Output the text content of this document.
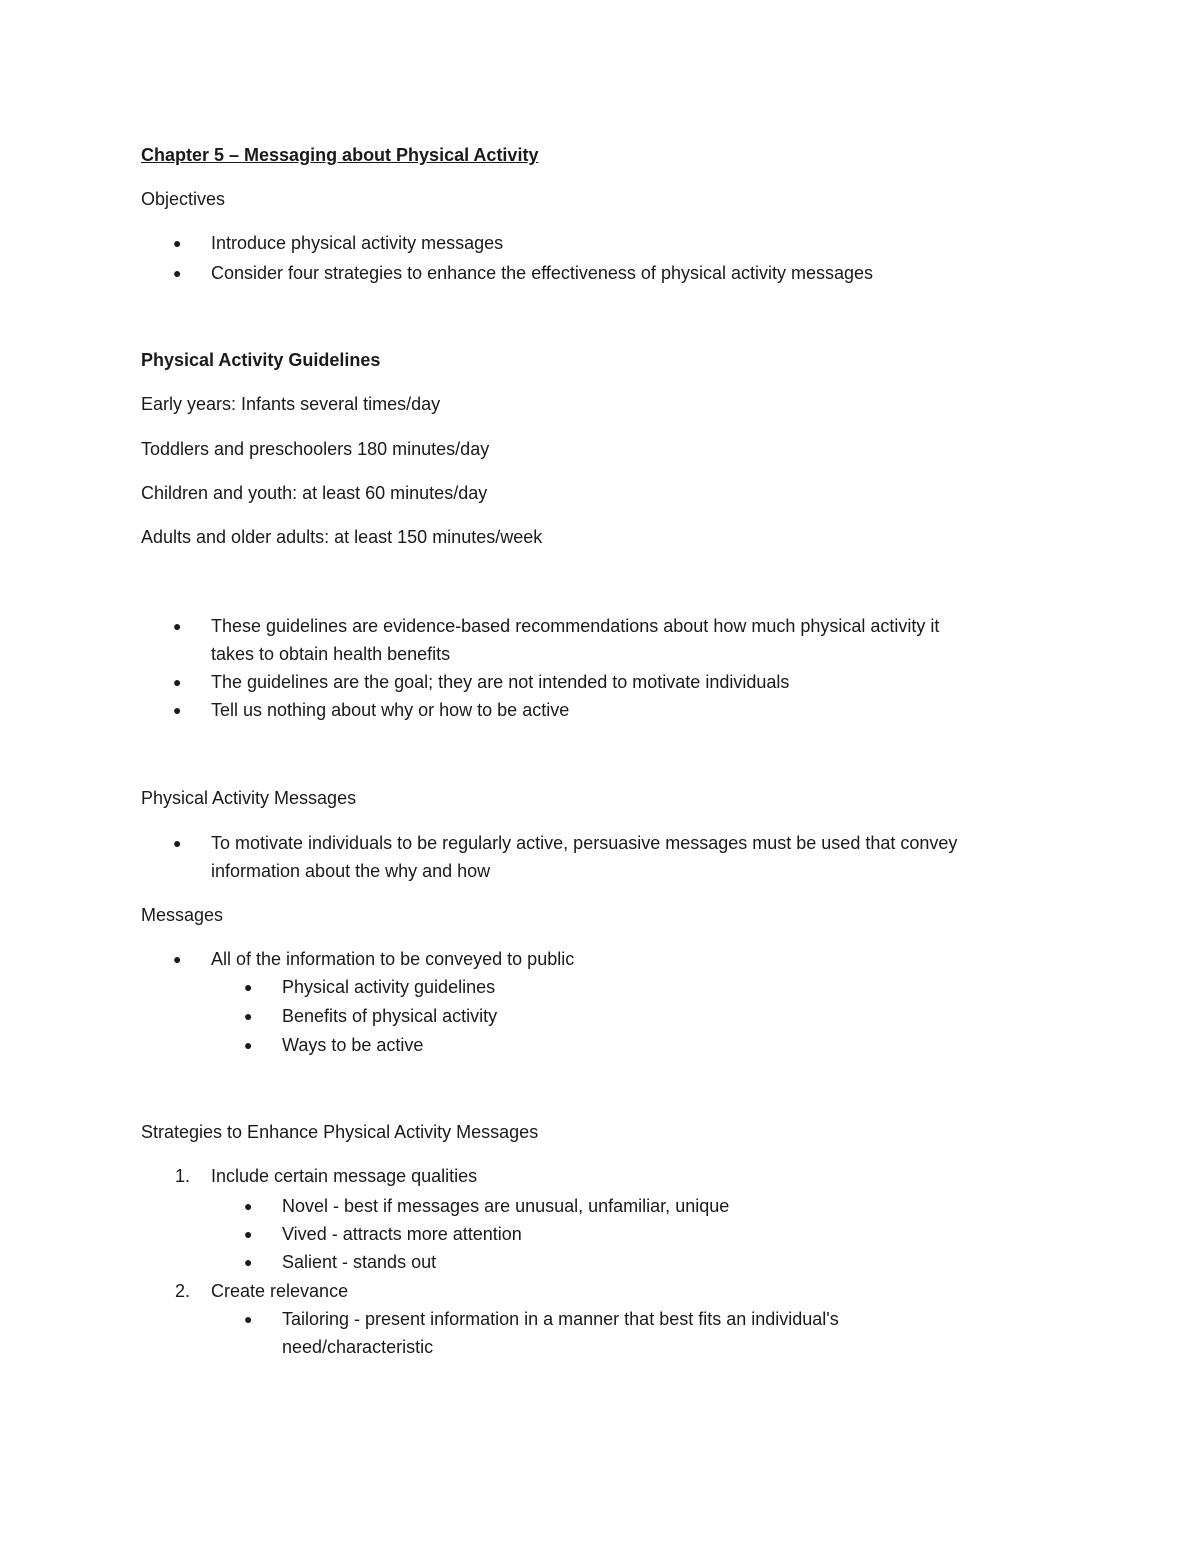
Chapter 5 – Messaging about Physical Activity
Objectives
● Introduce physical activity messages
● Consider four strategies to enhance the effectiveness of physical activity messages
Physical Activity Guidelines
Early years: Infants several times/day
Toddlers and preschoolers 180 minutes/day
Children and youth: at least 60 minutes/day
Adults and older adults: at least 150 minutes/week
● These guidelines are evidence-based recommendations about how much physical activity it
takes to obtain health benefits
● The guidelines are the goal; they are not intended to motivate individuals
● Tell us nothing about why or how to be active
Physical Activity Messages
● To motivate individuals to be regularly active, persuasive messages must be used that convey
information about the why and how
Messages
● All of the information to be conveyed to public
● Physical activity guidelines
● Benefits of physical activity
● Ways to be active
Strategies to Enhance Physical Activity Messages
1. Include certain message qualities
● Novel - best if messages are unusual, unfamiliar, unique
● Vived - attracts more attention
● Salient - stands out
2. Create relevance
● Tailoring - present information in a manner that best fits an individual's
need/characteristic
